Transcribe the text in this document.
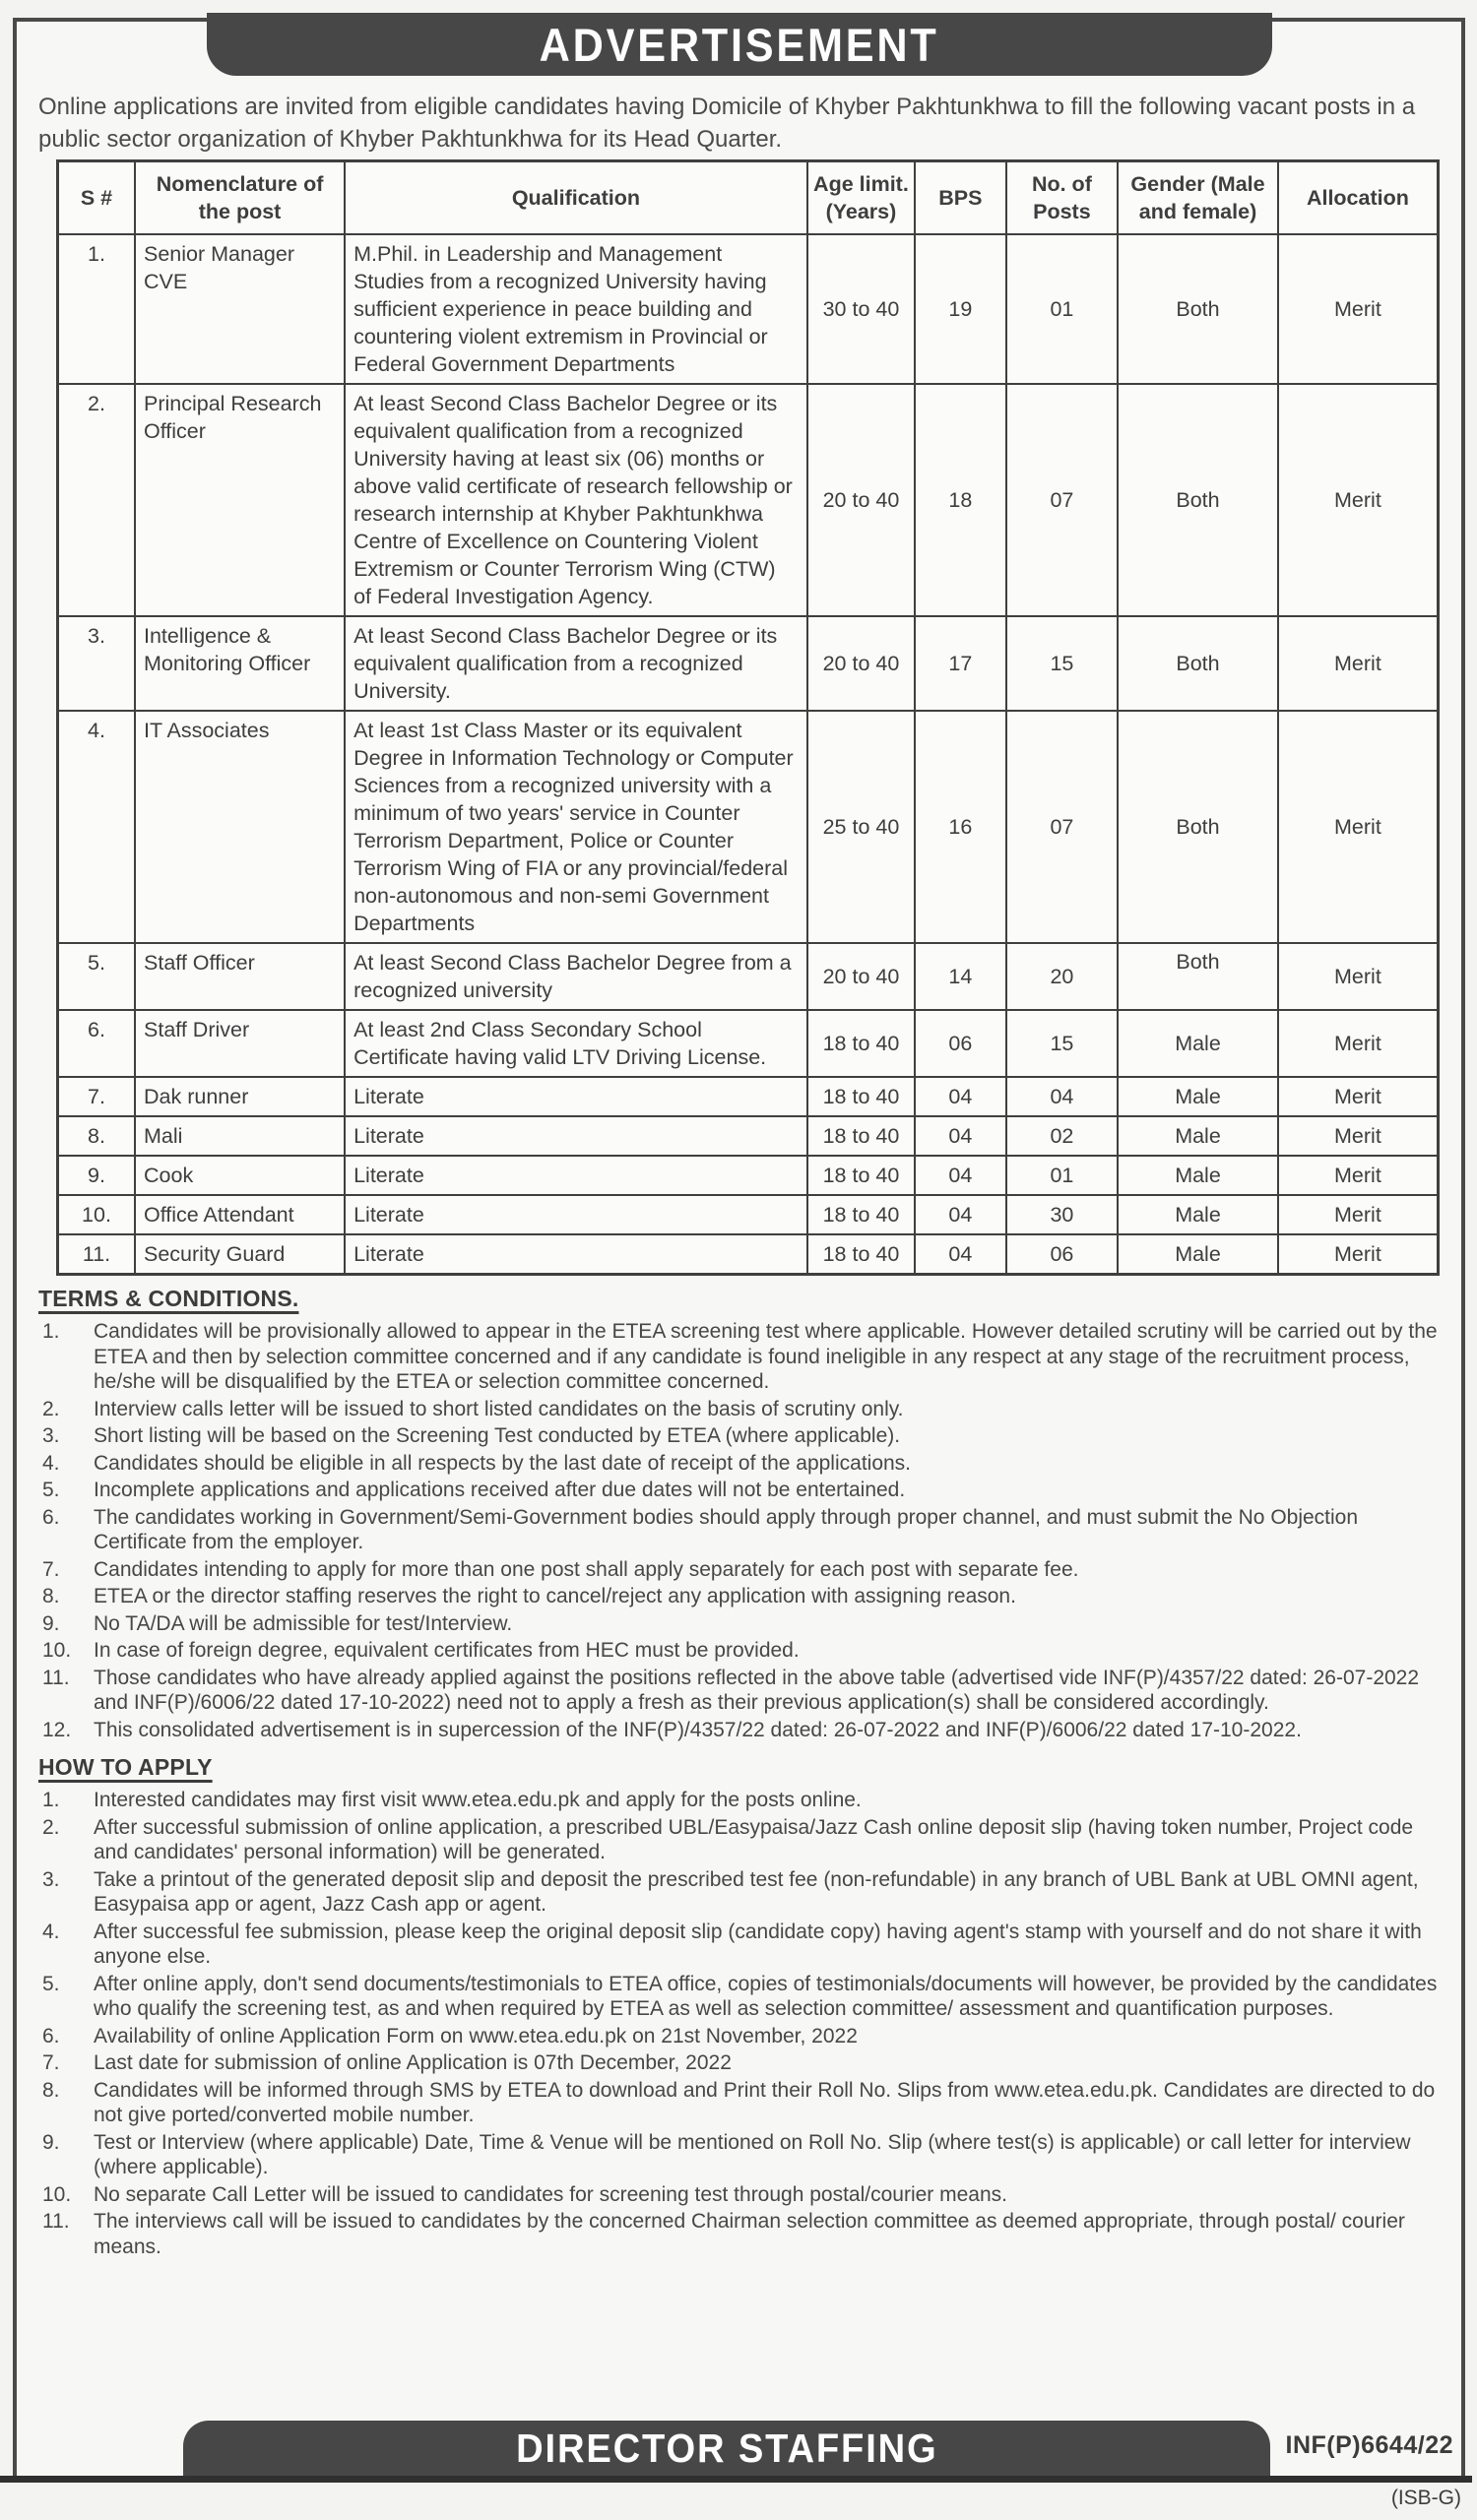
ADVERTISEMENT

Online applications are invited from eligible candidates having Domicile of Khyber Pakhtunkhwa to fill the following vacant posts in a public sector organization of Khyber Pakhtunkhwa for its Head Quarter.

S #	Nomenclature of the post	Qualification	Age limit. (Years)	BPS	No. of Posts	Gender (Male and female)	Allocation
1.	Senior Manager CVE	M.Phil. in Leadership and Management Studies from a recognized University having sufficient experience in peace building and countering violent extremism in Provincial or Federal Government Departments	30 to 40	19	01	Both	Merit
2.	Principal Research Officer	At least Second Class Bachelor Degree or its equivalent qualification from a recognized University having at least six (06) months or above valid certificate of research fellowship or research internship at Khyber Pakhtunkhwa Centre of Excellence on Countering Violent Extremism or Counter Terrorism Wing (CTW) of Federal Investigation Agency.	20 to 40	18	07	Both	Merit
3.	Intelligence & Monitoring Officer	At least Second Class Bachelor Degree or its equivalent qualification from a recognized University.	20 to 40	17	15	Both	Merit
4.	IT Associates	At least 1st Class Master or its equivalent Degree in Information Technology or Computer Sciences from a recognized university with a minimum of two years' service in Counter Terrorism Department, Police or Counter Terrorism Wing of FIA or any provincial/federal non-autonomous and non-semi Government Departments	25 to 40	16	07	Both	Merit
5.	Staff Officer	At least Second Class Bachelor Degree from a recognized university	20 to 40	14	20	Both	Merit
6.	Staff Driver	At least 2nd Class Secondary School Certificate having valid LTV Driving License.	18 to 40	06	15	Male	Merit
7.	Dak runner	Literate	18 to 40	04	04	Male	Merit
8.	Mali	Literate	18 to 40	04	02	Male	Merit
9.	Cook	Literate	18 to 40	04	01	Male	Merit
10.	Office Attendant	Literate	18 to 40	04	30	Male	Merit
11.	Security Guard	Literate	18 to 40	04	06	Male	Merit
TERMS & CONDITIONS.
1.	Candidates will be provisionally allowed to appear in the ETEA screening test where applicable. However detailed scrutiny will be carried out by the ETEA and then by selection committee concerned and if any candidate is found ineligible in any respect at any stage of the recruitment process, he/she will be disqualified by the ETEA or selection committee concerned.
2.	Interview calls letter will be issued to short listed candidates on the basis of scrutiny only.
3.	Short listing will be based on the Screening Test conducted by ETEA (where applicable).
4.	Candidates should be eligible in all respects by the last date of receipt of the applications.
5.	Incomplete applications and applications received after due dates will not be entertained.
6.	The candidates working in Government/Semi-Government bodies should apply through proper channel, and must submit the No Objection Certificate from the employer.
7.	Candidates intending to apply for more than one post shall apply separately for each post with separate fee.
8.	ETEA or the director staffing reserves the right to cancel/reject any application with assigning reason.
9.	No TA/DA will be admissible for test/Interview.
10.	In case of foreign degree, equivalent certificates from HEC must be provided.
11.	Those candidates who have already applied against the positions reflected in the above table (advertised vide INF(P)/4357/22 dated: 26-07-2022 and INF(P)/6006/22 dated 17-10-2022) need not to apply a fresh as their previous application(s) shall be considered accordingly.
12.	This consolidated advertisement is in supercession of the INF(P)/4357/22 dated: 26-07-2022 and INF(P)/6006/22 dated 17-10-2022.
HOW TO APPLY
1.	Interested candidates may first visit www.etea.edu.pk and apply for the posts online.
2.	After successful submission of online application, a prescribed UBL/Easypaisa/Jazz Cash online deposit slip (having token number, Project code and candidates' personal information) will be generated.
3.	Take a printout of the generated deposit slip and deposit the prescribed test fee (non-refundable) in any branch of UBL Bank at UBL OMNI agent, Easypaisa app or agent, Jazz Cash app or agent.
4.	After successful fee submission, please keep the original deposit slip (candidate copy) having agent's stamp with yourself and do not share it with anyone else.
5.	After online apply, don't send documents/testimonials to ETEA office, copies of testimonials/documents will however, be provided by the candidates who qualify the screening test, as and when required by ETEA as well as selection committee/ assessment and quantification purposes.
6.	Availability of online Application Form on www.etea.edu.pk on 21st November, 2022
7.	Last date for submission of online Application is 07th December, 2022
8.	Candidates will be informed through SMS by ETEA to download and Print their Roll No. Slips from www.etea.edu.pk. Candidates are directed to do not give ported/converted mobile number.
9.	Test or Interview (where applicable) Date, Time & Venue will be mentioned on Roll No. Slip (where test(s) is applicable) or call letter for interview (where applicable).
10.	No separate Call Letter will be issued to candidates for screening test through postal/courier means.
11.	The interviews call will be issued to candidates by the concerned Chairman selection committee as deemed appropriate, through postal/ courier means.
DIRECTOR STAFFING	INF(P)6644/22
(ISB-G)
